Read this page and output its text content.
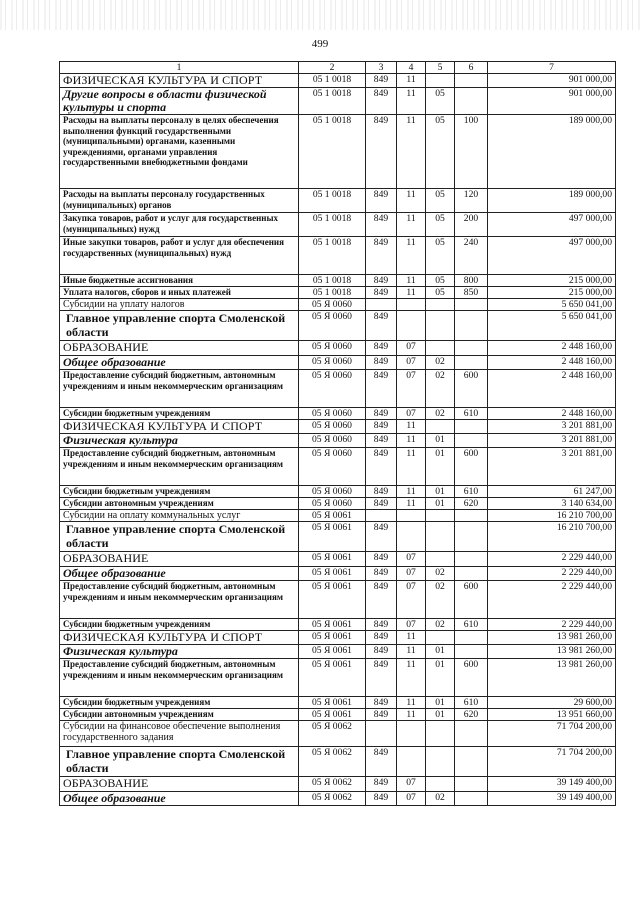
499
1	2	3	4	5	6	7
ФИЗИЧЕСКАЯ КУЛЬТУРА И СПОРТ	05 1 0018	849	11			901 000,00
Другие вопросы в области физической культуры и спорта	05 1 0018	849	11	05		901 000,00
Расходы на выплаты персоналу в целях обеспечения выполнения функций государственными (муниципальными) органами, казенными учреждениями, органами управления государственными внебюджетными фондами	05 1 0018	849	11	05	100	189 000,00
Расходы на выплаты персоналу государственных (муниципальных) органов	05 1 0018	849	11	05	120	189 000,00
Закупка товаров, работ и услуг для государственных (муниципальных) нужд	05 1 0018	849	11	05	200	497 000,00
Иные закупки товаров, работ и услуг для обеспечения государственных (муниципальных) нужд	05 1 0018	849	11	05	240	497 000,00
Иные бюджетные ассигнования	05 1 0018	849	11	05	800	215 000,00
Уплата налогов, сборов и иных платежей	05 1 0018	849	11	05	850	215 000,00
Субсидии на уплату налогов	05 Я 0060					5 650 041,00
Главное управление спорта Смоленской области	05 Я 0060	849				5 650 041,00
ОБРАЗОВАНИЕ	05 Я 0060	849	07			2 448 160,00
Общее образование	05 Я 0060	849	07	02		2 448 160,00
Предоставление субсидий бюджетным, автономным учреждениям и иным некоммерческим организациям	05 Я 0060	849	07	02	600	2 448 160,00
Субсидии бюджетным учреждениям	05 Я 0060	849	07	02	610	2 448 160,00
ФИЗИЧЕСКАЯ КУЛЬТУРА И СПОРТ	05 Я 0060	849	11			3 201 881,00
Физическая культура	05 Я 0060	849	11	01		3 201 881,00
Предоставление субсидий бюджетным, автономным учреждениям и иным некоммерческим организациям	05 Я 0060	849	11	01	600	3 201 881,00
Субсидии бюджетным учреждениям	05 Я 0060	849	11	01	610	61 247,00
Субсидии автономным учреждениям	05 Я 0060	849	11	01	620	3 140 634,00
Субсидии на оплату коммунальных услуг	05 Я 0061					16 210 700,00
Главное управление спорта Смоленской области	05 Я 0061	849				16 210 700,00
ОБРАЗОВАНИЕ	05 Я 0061	849	07			2 229 440,00
Общее образование	05 Я 0061	849	07	02		2 229 440,00
Предоставление субсидий бюджетным, автономным учреждениям и иным некоммерческим организациям	05 Я 0061	849	07	02	600	2 229 440,00
Субсидии бюджетным учреждениям	05 Я 0061	849	07	02	610	2 229 440,00
ФИЗИЧЕСКАЯ КУЛЬТУРА И СПОРТ	05 Я 0061	849	11			13 981 260,00
Физическая культура	05 Я 0061	849	11	01		13 981 260,00
Предоставление субсидий бюджетным, автономным учреждениям и иным некоммерческим организациям	05 Я 0061	849	11	01	600	13 981 260,00
Субсидии бюджетным учреждениям	05 Я 0061	849	11	01	610	29 600,00
Субсидии автономным учреждениям	05 Я 0061	849	11	01	620	13 951 660,00
Субсидии на финансовое обеспечение выполнения государственного задания	05 Я 0062					71 704 200,00
Главное управление спорта Смоленской области	05 Я 0062	849				71 704 200,00
ОБРАЗОВАНИЕ	05 Я 0062	849	07			39 149 400,00
Общее образование	05 Я 0062	849	07	02		39 149 400,00
